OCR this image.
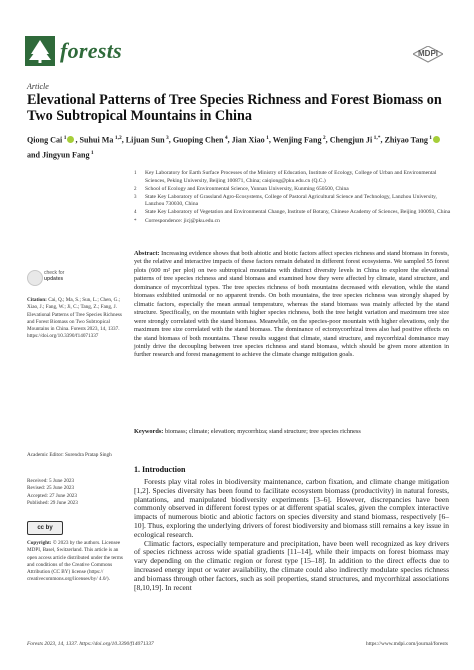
forests	MDPI
Article
Elevational Patterns of Tree Species Richness and Forest Biomass on Two Subtropical Mountains in China
Qiong Cai $^1$ , Suhui Ma $^{1,2}$, Lijuan Sun $^3$, Guoping Chen $^4$, Jian Xiao $^1$, Wenjing Fang $^2$, Chengjun Ji $^{1,*}$, Zhiyao Tang $^1$ and Jingyun Fang $^1$
1 Key Laboratory for Earth Surface Processes of the Ministry of Education, Institute of Ecology, College of Urban and Environmental Sciences, Peking University, Beijing 100871, China; caiqiong@pku.edu.cn (Q.C.)
2 School of Ecology and Environmental Science, Yunnan University, Kunming 650500, China
3 State Key Laboratory of Grassland Agro-Ecosystems, College of Pastoral Agricultural Science and Technology, Lanzhou University, Lanzhou 730030, China
4 State Key Laboratory of Vegetation and Environmental Change, Institute of Botany, Chinese Academy of Sciences, Beijing 100093, China
* Correspondence: jicj@pku.edu.cn
Abstract: Increasing evidence shows that both abiotic and biotic factors affect species richness and stand biomass in forests, yet the relative and interactive impacts of these factors remain debated in different forest ecosystems. We sampled 55 forest plots (600 m² per plot) on two subtropical mountains with distinct diversity levels in China to explore the elevational patterns of tree species richness and stand biomass and examined how they were affected by climate, stand structure, and dominance of mycorrhizal types. The tree species richness of both mountains decreased with elevation, while the stand biomass exhibited unimodal or no apparent trends. On both mountains, the tree species richness was strongly shaped by climatic factors, especially the mean annual temperature, whereas the stand biomass was mainly affected by the stand structure. Specifically, on the mountain with higher species richness, both the tree height variation and maximum tree size were strongly correlated with the stand biomass. Meanwhile, on the species-poor mountain with higher elevations, only the maximum tree size correlated with the stand biomass. The dominance of ectomycorrhizal trees also had positive effects on the stand biomass of both mountains. These results suggest that climate, stand structure, and mycorrhizal dominance may jointly drive the decoupling between tree species richness and stand biomass, which should be given more attention in further research and forest management to achieve the climate change mitigation goals.
Keywords: biomass; climate; elevation; mycorrhiza; stand structure; tree species richness
check for
updates
Citation: Cai, Q.; Ma, S.; Sun, L.; Chen, G.; Xiao, J.; Fang, W.; Ji, C.; Tang, Z.; Fang, J. Elevational Patterns of Tree Species Richness and Forest Biomass on Two Subtropical Mountains in China. Forests 2023, 14, 1337. https://doi.org/10.3390/f14071337
Academic Editor: Surendra Pratap Singh
Received: 5 June 2023
Revised: 25 June 2023
Accepted: 27 June 2023
Published: 29 June 2023
cc by
Copyright: © 2023 by the authors. Licensee MDPI, Basel, Switzerland. This article is an open access article distributed under the terms and conditions of the Creative Commons Attribution (CC BY) license (https:// creativecommons.org/licenses/by/ 4.0/).
1. Introduction

Forests play vital roles in biodiversity maintenance, carbon fixation, and climate change mitigation [1,2]. Species diversity has been found to facilitate ecosystem biomass (productivity) in natural forests, plantations, and manipulated biodiversity experiments [3–6]. However, discrepancies have been commonly observed in different forest types or at different spatial scales, given the complex interactive impacts of numerous biotic and abiotic factors on species diversity and stand biomass, respectively [6–10]. Thus, exploring the underlying drivers of forest biodiversity and biomass still remains a key issue in ecological research.

Climatic factors, especially temperature and precipitation, have been well recognized as key drivers of species richness across wide spatial gradients [11–14], while their impacts on forest biomass may vary depending on the climatic region or forest type [15–18]. In addition to the direct effects due to increased energy input or water availability, the climate could also indirectly modulate species richness and biomass through other factors, such as soil properties, stand structures, and mycorrhizal associations [8,10,19]. In recent

Forests 2023, 14, 1337. https://doi.org/10.3390/f14071337	https://www.mdpi.com/journal/forests
